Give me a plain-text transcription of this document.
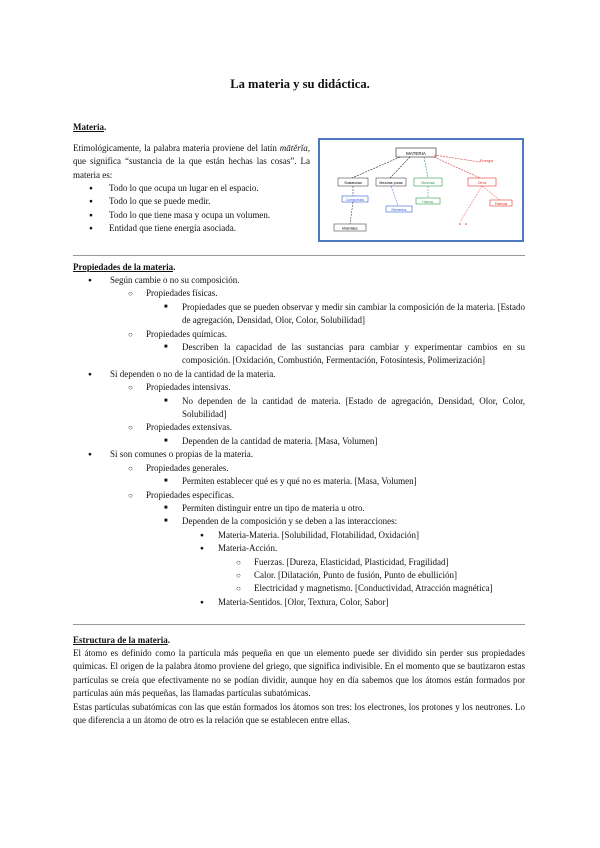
La materia y su didáctica.
Materia.
Etimológicamente, la palabra materia proviene del latín mātĕrĭa, que significa “sustancia de la que están hechas las cosas”. La materia es:
● Todo lo que ocupa un lugar en el espacio.
● Todo lo que se puede medir.
● Todo lo que tiene masa y ocupa un volumen.
● Entidad que tiene energía asociada.
MATERIA
Energía
Sustancias	Mezclas puras	Mezclas	Otros
Compuestos
Elementos
Homog.	Partícula
Materiales
Propiedades de la materia.
● Según cambie o no su composición.
○ Propiedades físicas.
■ Propiedades que se pueden observar y medir sin cambiar la composición de la materia. [Estado de agregación, Densidad, Olor, Color, Solubilidad]
○ Propiedades químicas.
■ Describen la capacidad de las sustancias para cambiar y experimentar cambios en su composición. [Oxidación, Combustión, Fermentación, Fotosíntesis, Polimerización]
● Si dependen o no de la cantidad de la materia.
○ Propiedades intensivas.
■ No dependen de la cantidad de materia. [Estado de agregación, Densidad, Olor, Color, Solubilidad]
○ Propiedades extensivas.
■ Dependen de la cantidad de materia. [Masa, Volumen]
● Si son comunes o propias de la materia.
○ Propiedades generales.
■ Permiten establecer qué es y qué no es materia. [Masa, Volumen]
○ Propiedades específicas.
■ Permiten distinguir entre un tipo de materia u otro.
■ Dependen de la composición y se deben a las interacciones:
● Materia-Materia. [Solubilidad, Flotabilidad, Oxidación]
● Materia-Acción.
○ Fuerzas. [Dureza, Elasticidad, Plasticidad, Fragilidad]
○ Calor. [Dilatación, Punto de fusión, Punto de ebullición]
○ Electricidad y magnetismo. [Conductividad, Atracción magnética]
● Materia-Sentidos. [Olor, Textura, Color, Sabor]
Estructura de la materia.

El átomo es definido como la partícula más pequeña en que un elemento puede ser dividido sin perder sus propiedades químicas. El origen de la palabra átomo proviene del griego, que significa indivisible. En el momento que se bautizaron estas partículas se creía que efectivamente no se podían dividir, aunque hoy en día sabemos que los átomos están formados por partículas aún más pequeñas, las llamadas partículas subatómicas.

Estas partículas subatómicas con las que están formados los átomos son tres: los electrones, los protones y los neutrones. Lo que diferencia a un átomo de otro es la relación que se establecen entre ellas.
